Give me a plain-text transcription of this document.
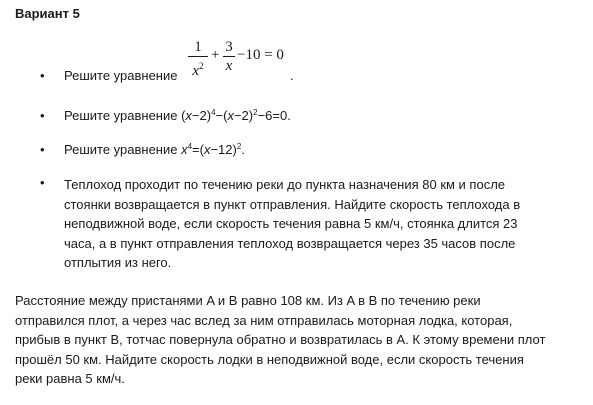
Вариант 5
• Решите уравнение
1
$x^2$
+ 3
x
−10 = 0
.
• Решите уравнение $(x-2)^4-(x-2)^2-6=0$.
• Решите уравнение $x^4=(x-12)^2$.
• Теплоход проходит по течению реки до пункта назначения 80 км и после
стоянки возвращается в пункт отправления. Найдите скорость теплохода в
неподвижной воде, если скорость течения равна 5 км/ч, стоянка длится 23
часа, а в пункт отправления теплоход возвращается через 35 часов после
отплытия из него.
Расстояние между пристанями A и B равно 108 км. Из A в B по течению реки
отправился плот, а через час вслед за ним отправилась моторная лодка, которая,
прибыв в пункт B, тотчас повернула обратно и возвратилась в A. К этому времени плот
прошёл 50 км. Найдите скорость лодки в неподвижной воде, если скорость течения
реки равна 5 км/ч.
